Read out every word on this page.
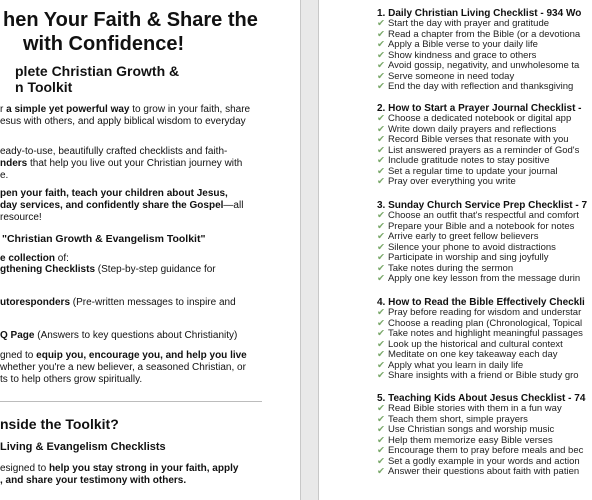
hen Your Faith & Share the
with Confidence!
plete Christian Growth &
n Toolkit
r a simple yet powerful way to grow in your faith, share
esus with others, and apply biblical wisdom to everyday
eady-to-use, beautifully crafted checklists and faith-
nders that help you live out your Christian journey with
e.
pen your faith, teach your children about Jesus,
day services, and confidently share the Gospel—all
resource!
"Christian Growth & Evangelism Toolkit"
e collection of:
gthening Checklists (Step-by-step guidance for
utoresponders (Pre-written messages to inspire and
Q Page (Answers to key questions about Christianity)
gned to equip you, encourage you, and help you live
whether you're a new believer, a seasoned Christian, or
ts to help others grow spiritually.
nside the Toolkit?
Living & Evangelism Checklists
esigned to help you stay strong in your faith, apply
, and share your testimony with others.
1. Daily Christian Living Checklist - 934 Wo
✔ Start the day with prayer and gratitude
✔ Read a chapter from the Bible (or a devotiona
✔ Apply a Bible verse to your daily life
✔ Show kindness and grace to others
✔ Avoid gossip, negativity, and unwholesome ta
✔ Serve someone in need today
✔ End the day with reflection and thanksgiving
2. How to Start a Prayer Journal Checklist -
✔ Choose a dedicated notebook or digital app
✔ Write down daily prayers and reflections
✔ Record Bible verses that resonate with you
✔ List answered prayers as a reminder of God's
✔ Include gratitude notes to stay positive
✔ Set a regular time to update your journal
✔ Pray over everything you write
3. Sunday Church Service Prep Checklist - 7
✔ Choose an outfit that's respectful and comfort
✔ Prepare your Bible and a notebook for notes
✔ Arrive early to greet fellow believers
✔ Silence your phone to avoid distractions
✔ Participate in worship and sing joyfully
✔ Take notes during the sermon
✔ Apply one key lesson from the message durin
4. How to Read the Bible Effectively Checkli
✔ Pray before reading for wisdom and understar
✔ Choose a reading plan (Chronological, Topical
✔ Take notes and highlight meaningful passages
✔ Look up the historical and cultural context
✔ Meditate on one key takeaway each day
✔ Apply what you learn in daily life
✔ Share insights with a friend or Bible study gro
5. Teaching Kids About Jesus Checklist - 74
✔ Read Bible stories with them in a fun way
✔ Teach them short, simple prayers
✔ Use Christian songs and worship music
✔ Help them memorize easy Bible verses
✔ Encourage them to pray before meals and bec
✔ Set a godly example in your words and action
✔ Answer their questions about faith with patien
